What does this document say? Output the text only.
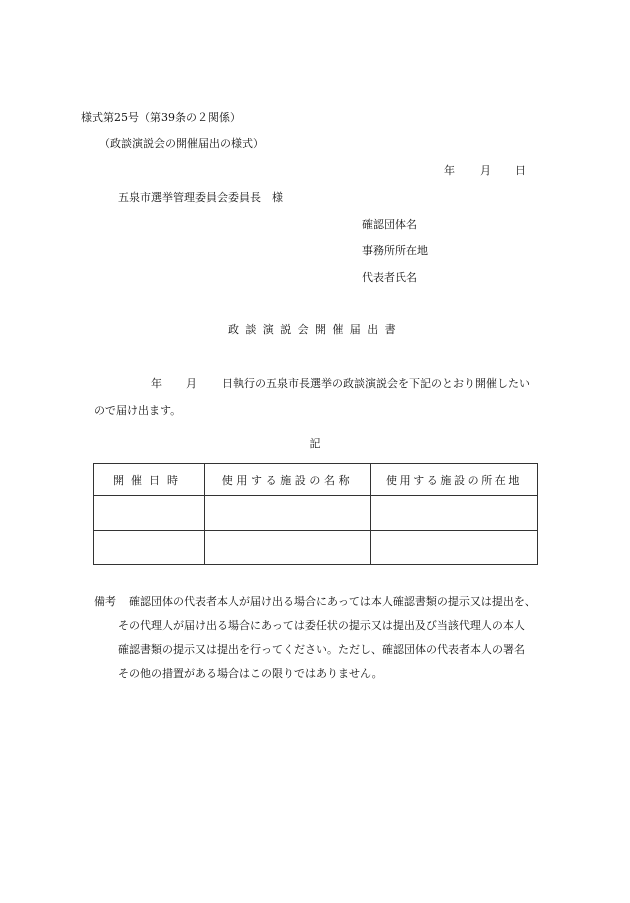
様式第25号（第39条の２関係）
（政談演説会の開催届出の様式）
年 月 日
五泉市選挙管理委員会委員長　様
確認団体名
事務所所在地
代表者氏名
政談演説会開催届出書
年 月 日執行の五泉市長選挙の政談演説会を下記のとおり開催したい
ので届け出ます。
記
開催日時	使用する施設の名称	使用する施設の所在地

備考 確認団体の代表者本人が届け出る場合にあっては本人確認書類の提示又は提出を、
その代理人が届け出る場合にあっては委任状の提示又は提出及び当該代理人の本人
確認書類の提示又は提出を行ってください。ただし、確認団体の代表者本人の署名
その他の措置がある場合はこの限りではありません。
